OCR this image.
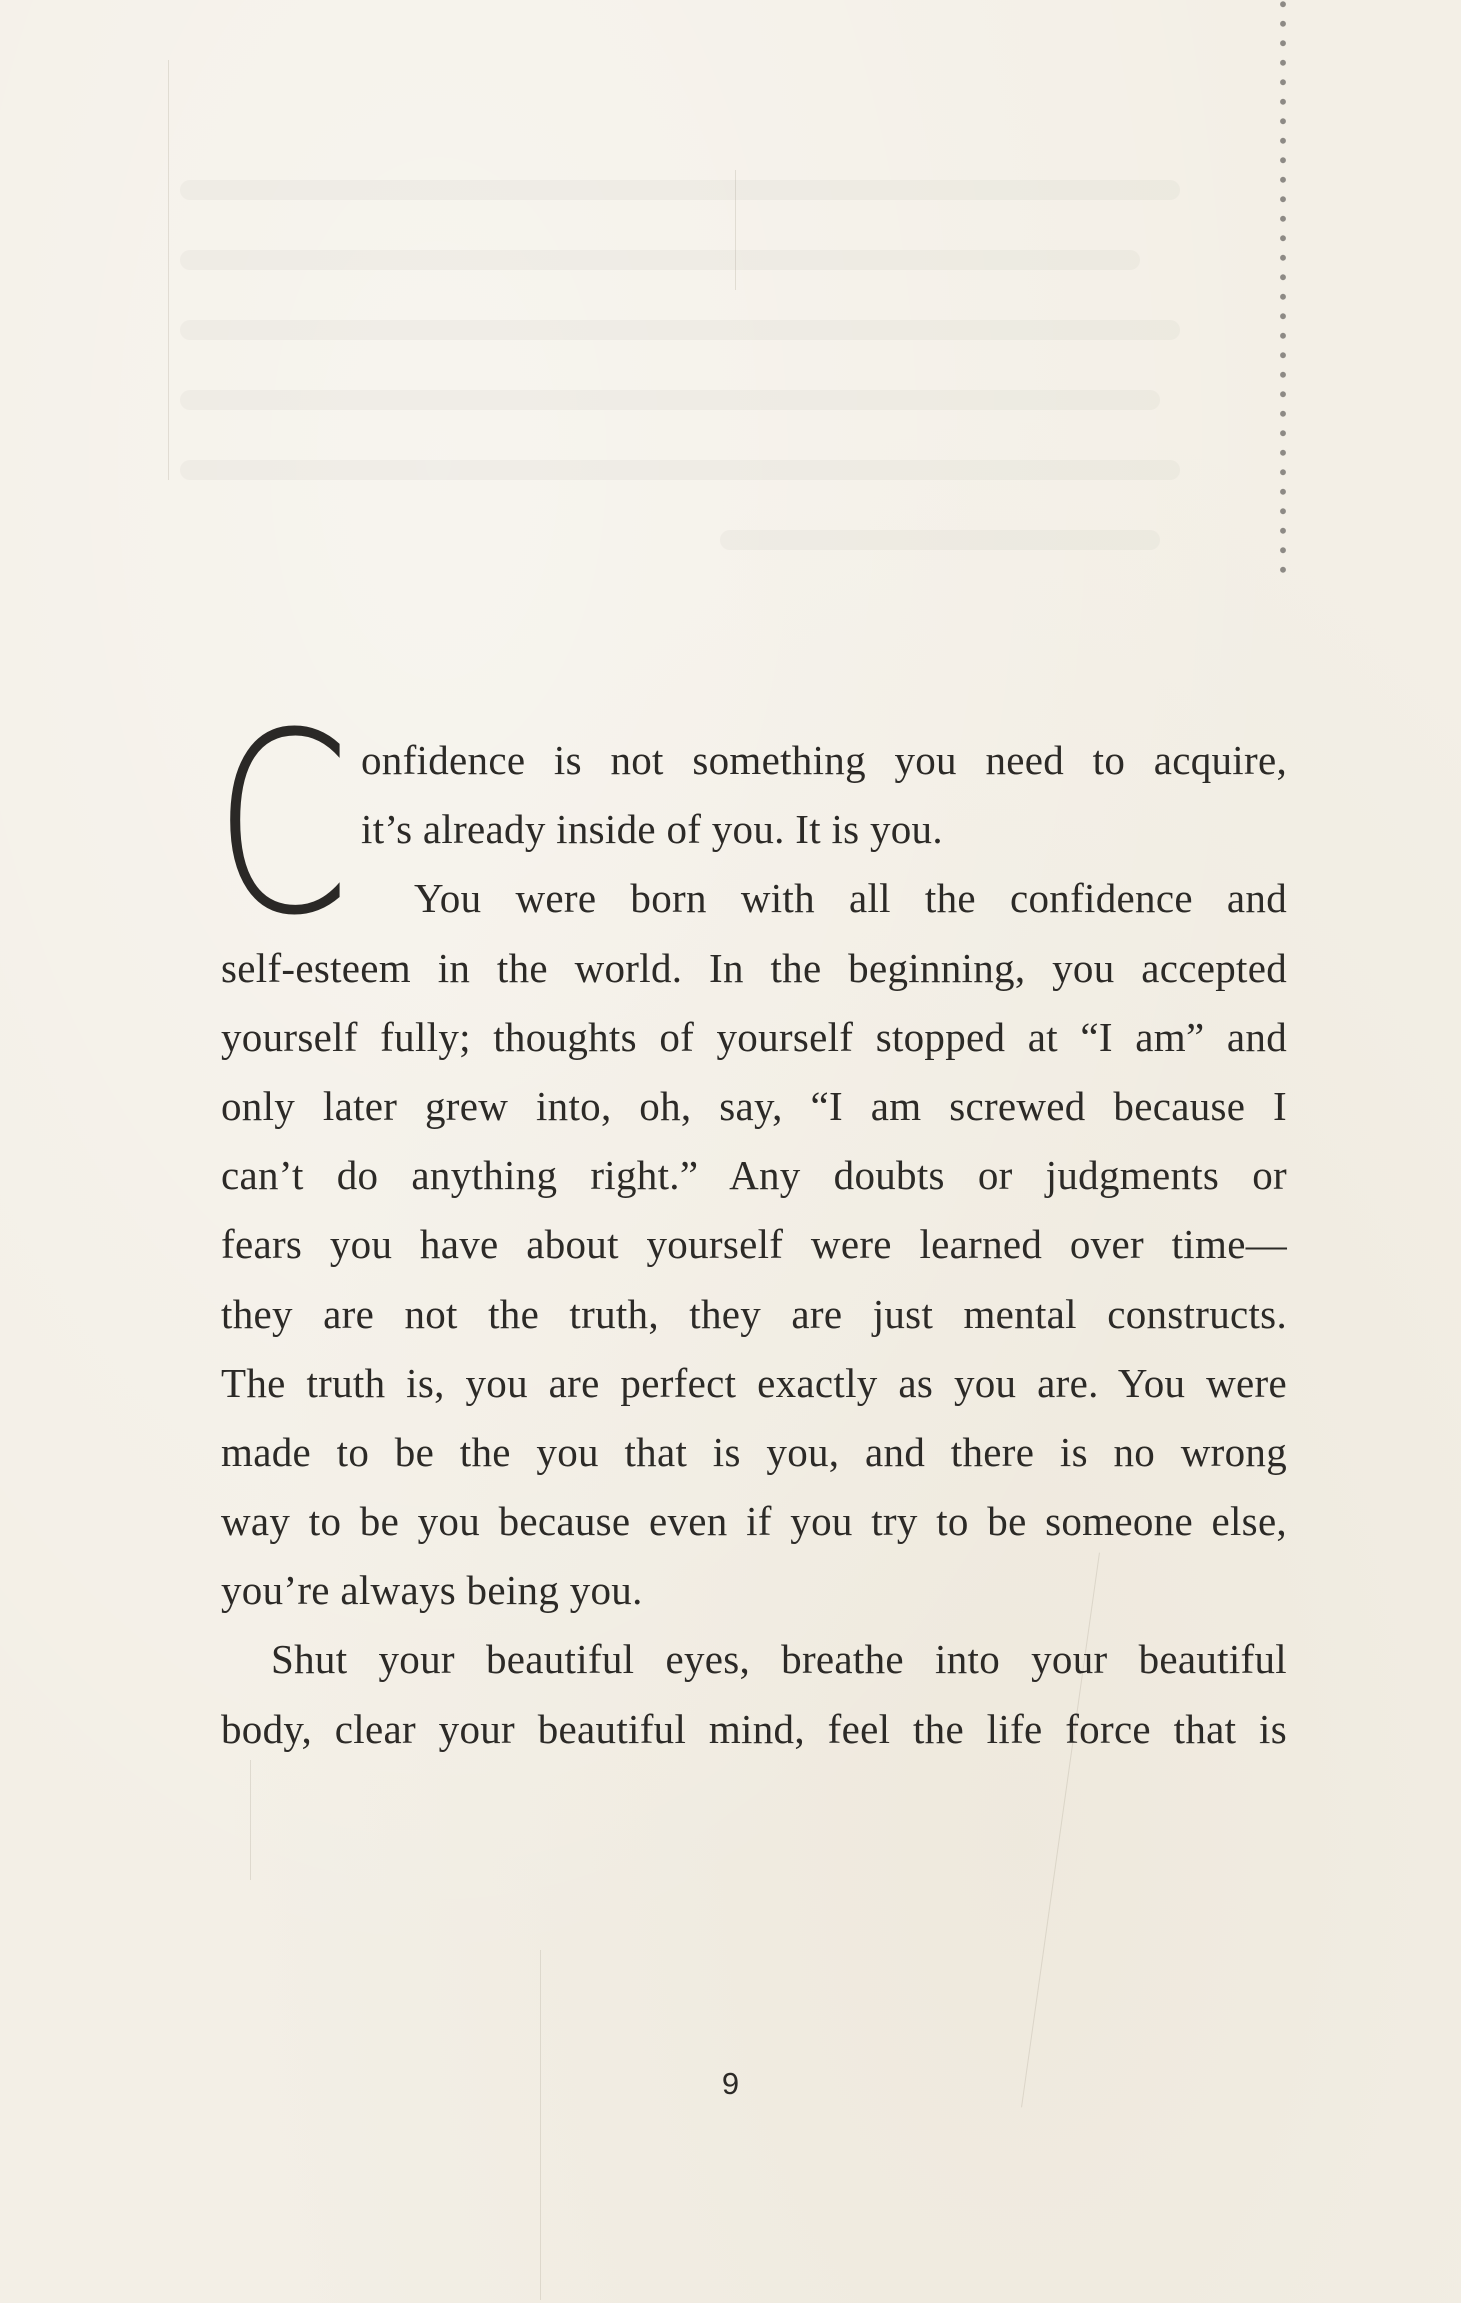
C onfidence is not something you need to acquire,
it’s already inside of you. It is you.
You were born with all the confidence and
self-esteem in the world. In the beginning, you accepted
yourself fully; thoughts of yourself stopped at “I am” and
only later grew into, oh, say, “I am screwed because I
can’t do anything right.” Any doubts or judgments or
fears you have about yourself were learned over time—
they are not the truth, they are just mental constructs.
The truth is, you are perfect exactly as you are. You were
made to be the you that is you, and there is no wrong
way to be you because even if you try to be someone else,
you’re always being you.
Shut your beautiful eyes, breathe into your beautiful
body, clear your beautiful mind, feel the life force that is
9
